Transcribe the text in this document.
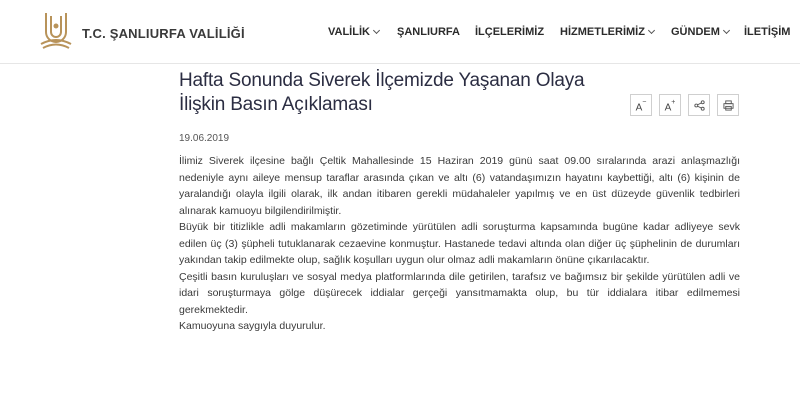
T.C. ŞANLIURFA VALİLİĞİ	VALİLİK	ŞANLIURFA İLÇELERİMİZ HİZMETLERİMİZ	GÜNDEM	İLETİŞİM
Hafta Sonunda Siverek İlçemizde Yaşanan Olaya İlişkin Basın Açıklaması	A−	A+
19.06.2019

İlimiz Siverek ilçesine bağlı Çeltik Mahallesinde 15 Haziran 2019 günü saat 09.00 sıralarında arazi anlaşmazlığı nedeniyle aynı aileye mensup taraflar arasında çıkan ve altı (6) vatandaşımızın hayatını kaybettiği, altı (6) kişinin de yaralandığı olayla ilgili olarak, ilk andan itibaren gerekli müdahaleler yapılmış ve en üst düzeyde güvenlik tedbirleri alınarak kamuoyu bilgilendirilmiştir.

Büyük bir titizlikle adli makamların gözetiminde yürütülen adli soruşturma kapsamında bugüne kadar adliyeye sevk edilen üç (3) şüpheli tutuklanarak cezaevine konmuştur. Hastanede tedavi altında olan diğer üç şüphelinin de durumları yakından takip edilmekte olup, sağlık koşulları uygun olur olmaz adli makamların önüne çıkarılacaktır.

Çeşitli basın kuruluşları ve sosyal medya platformlarında dile getirilen, tarafsız ve bağımsız bir şekilde yürütülen adli ve idari soruşturmaya gölge düşürecek iddialar gerçeği yansıtmamakta olup, bu tür iddialara itibar edilmemesi gerekmektedir.

Kamuoyuna saygıyla duyurulur.
